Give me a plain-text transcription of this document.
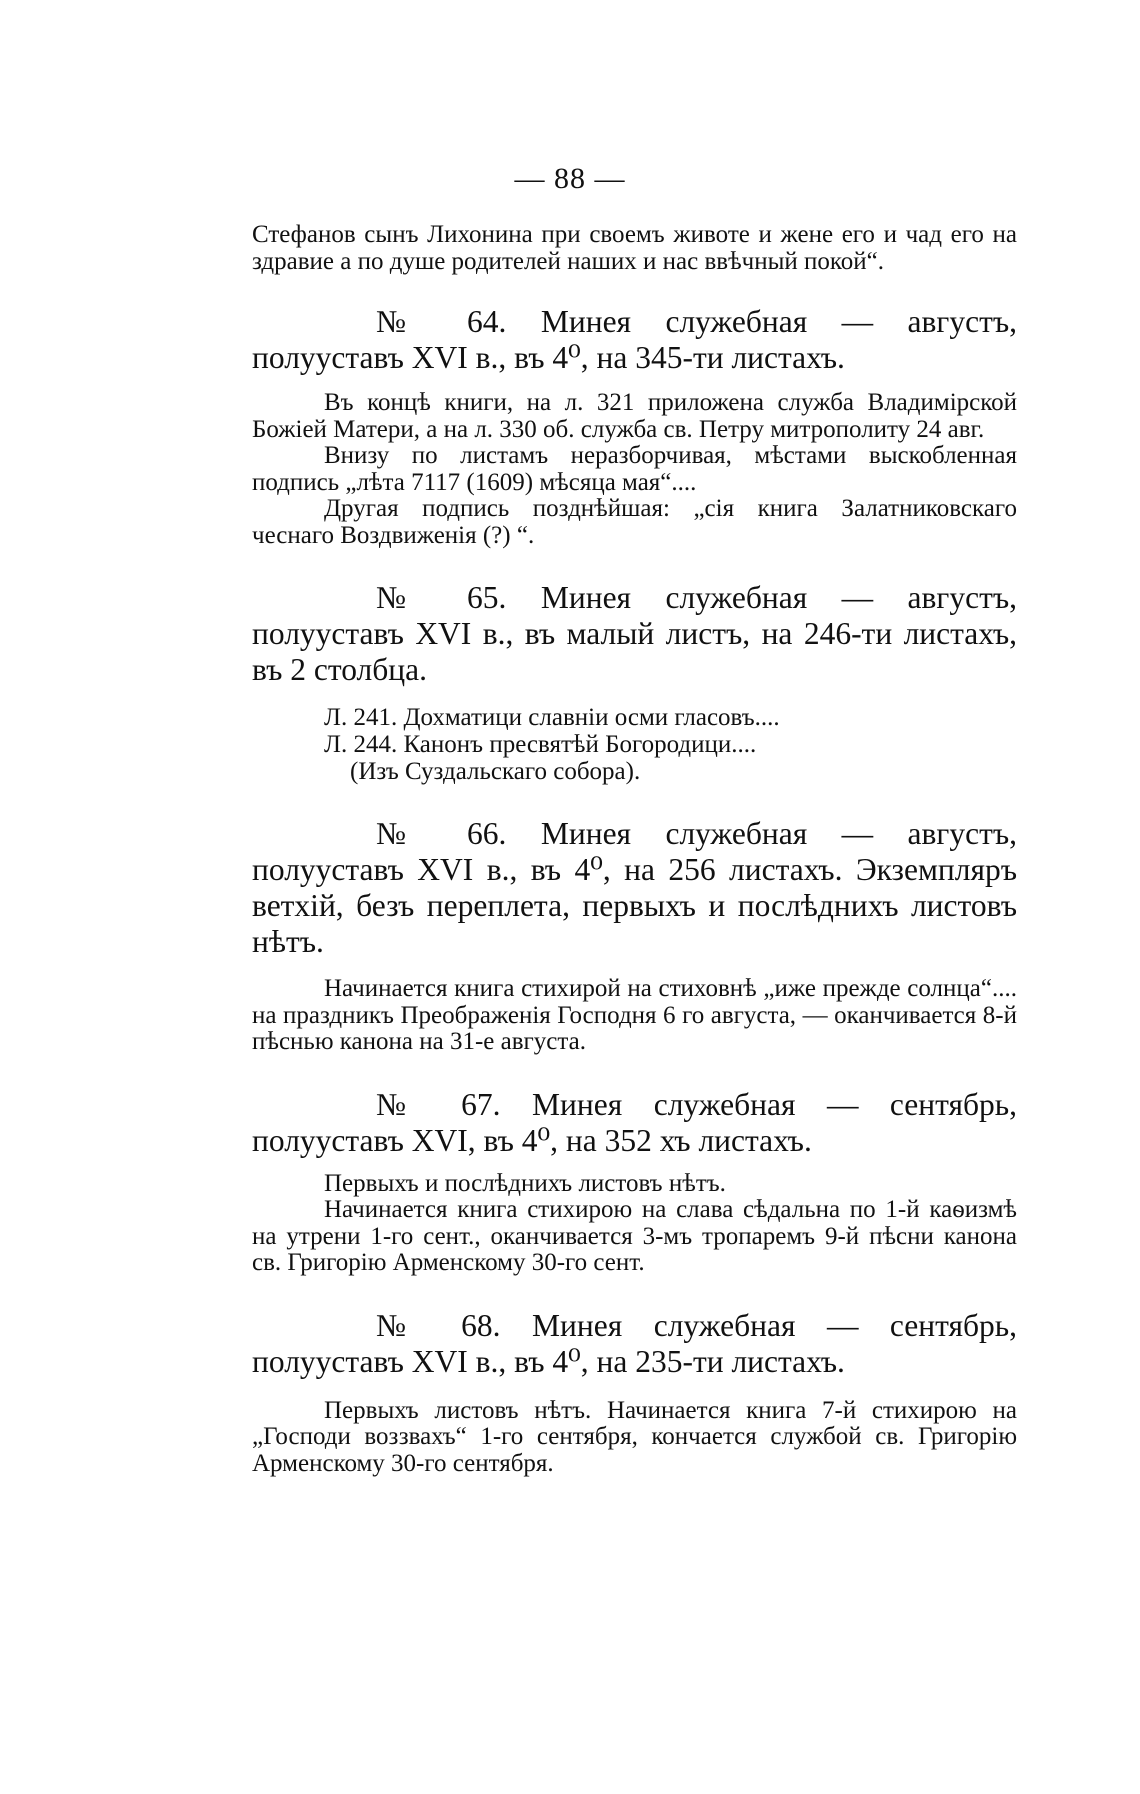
— 88 —

Стефанов сынъ Лихонина при своемъ животе и жене его и чад его на здравие а по душе родителей наших и нас ввѣчный покой“.

№ 64. Минея служебная — августъ, полууставъ XVI в., въ 4⁰, на 345-ти листахъ.

Въ концѣ книги, на л. 321 приложена служба Владимірской Божіей Матери, а на л. 330 об. служба св. Петру митрополиту 24 авг.

Внизу по листамъ неразборчивая, мѣстами выскобленная подпись „лѣта 7117 (1609) мѣсяца мая“....

Другая подпись позднѣйшая: „сія книга Залатниковскаго чеснаго Воздвиженія (?) “.

№ 65. Минея служебная — августъ, полууставъ XVI в., въ малый листъ, на 246-ти листахъ, въ 2 столбца.

Л. 241. Дохматици славніи осми гласовъ....
Л. 244. Канонъ пресвятѣй Богородици....
(Изъ Суздальскаго собора).

№ 66. Минея служебная — августъ, полууставъ XVI в., въ 4⁰, на 256 листахъ. Экземпляръ ветхій, безъ переплета, первыхъ и послѣднихъ листовъ нѣтъ.

Начинается книга стихирой на стиховнѣ „иже прежде солнца“.... на праздникъ Преображенія Господня 6 го августа, — оканчивается 8-й пѣснью канона на 31-е августа.

№ 67. Минея служебная — сентябрь, полууставъ XVI, въ 4⁰, на 352 хъ листахъ.

Первыхъ и послѣднихъ листовъ нѣтъ.

Начинается книга стихирою на слава сѣдальна по 1-й каѳизмѣ на утрени 1-го сент., оканчивается 3-мъ тропаремъ 9-й пѣсни канона св. Григорію Арменскому 30-го сент.

№ 68. Минея служебная — сентябрь, полууставъ XVI в., въ 4⁰, на 235-ти листахъ.

Первыхъ листовъ нѣтъ. Начинается книга 7-й стихирою на „Господи воззвахъ“ 1-го сентября, кончается службой св. Григорію Арменскому 30-го сентября.
